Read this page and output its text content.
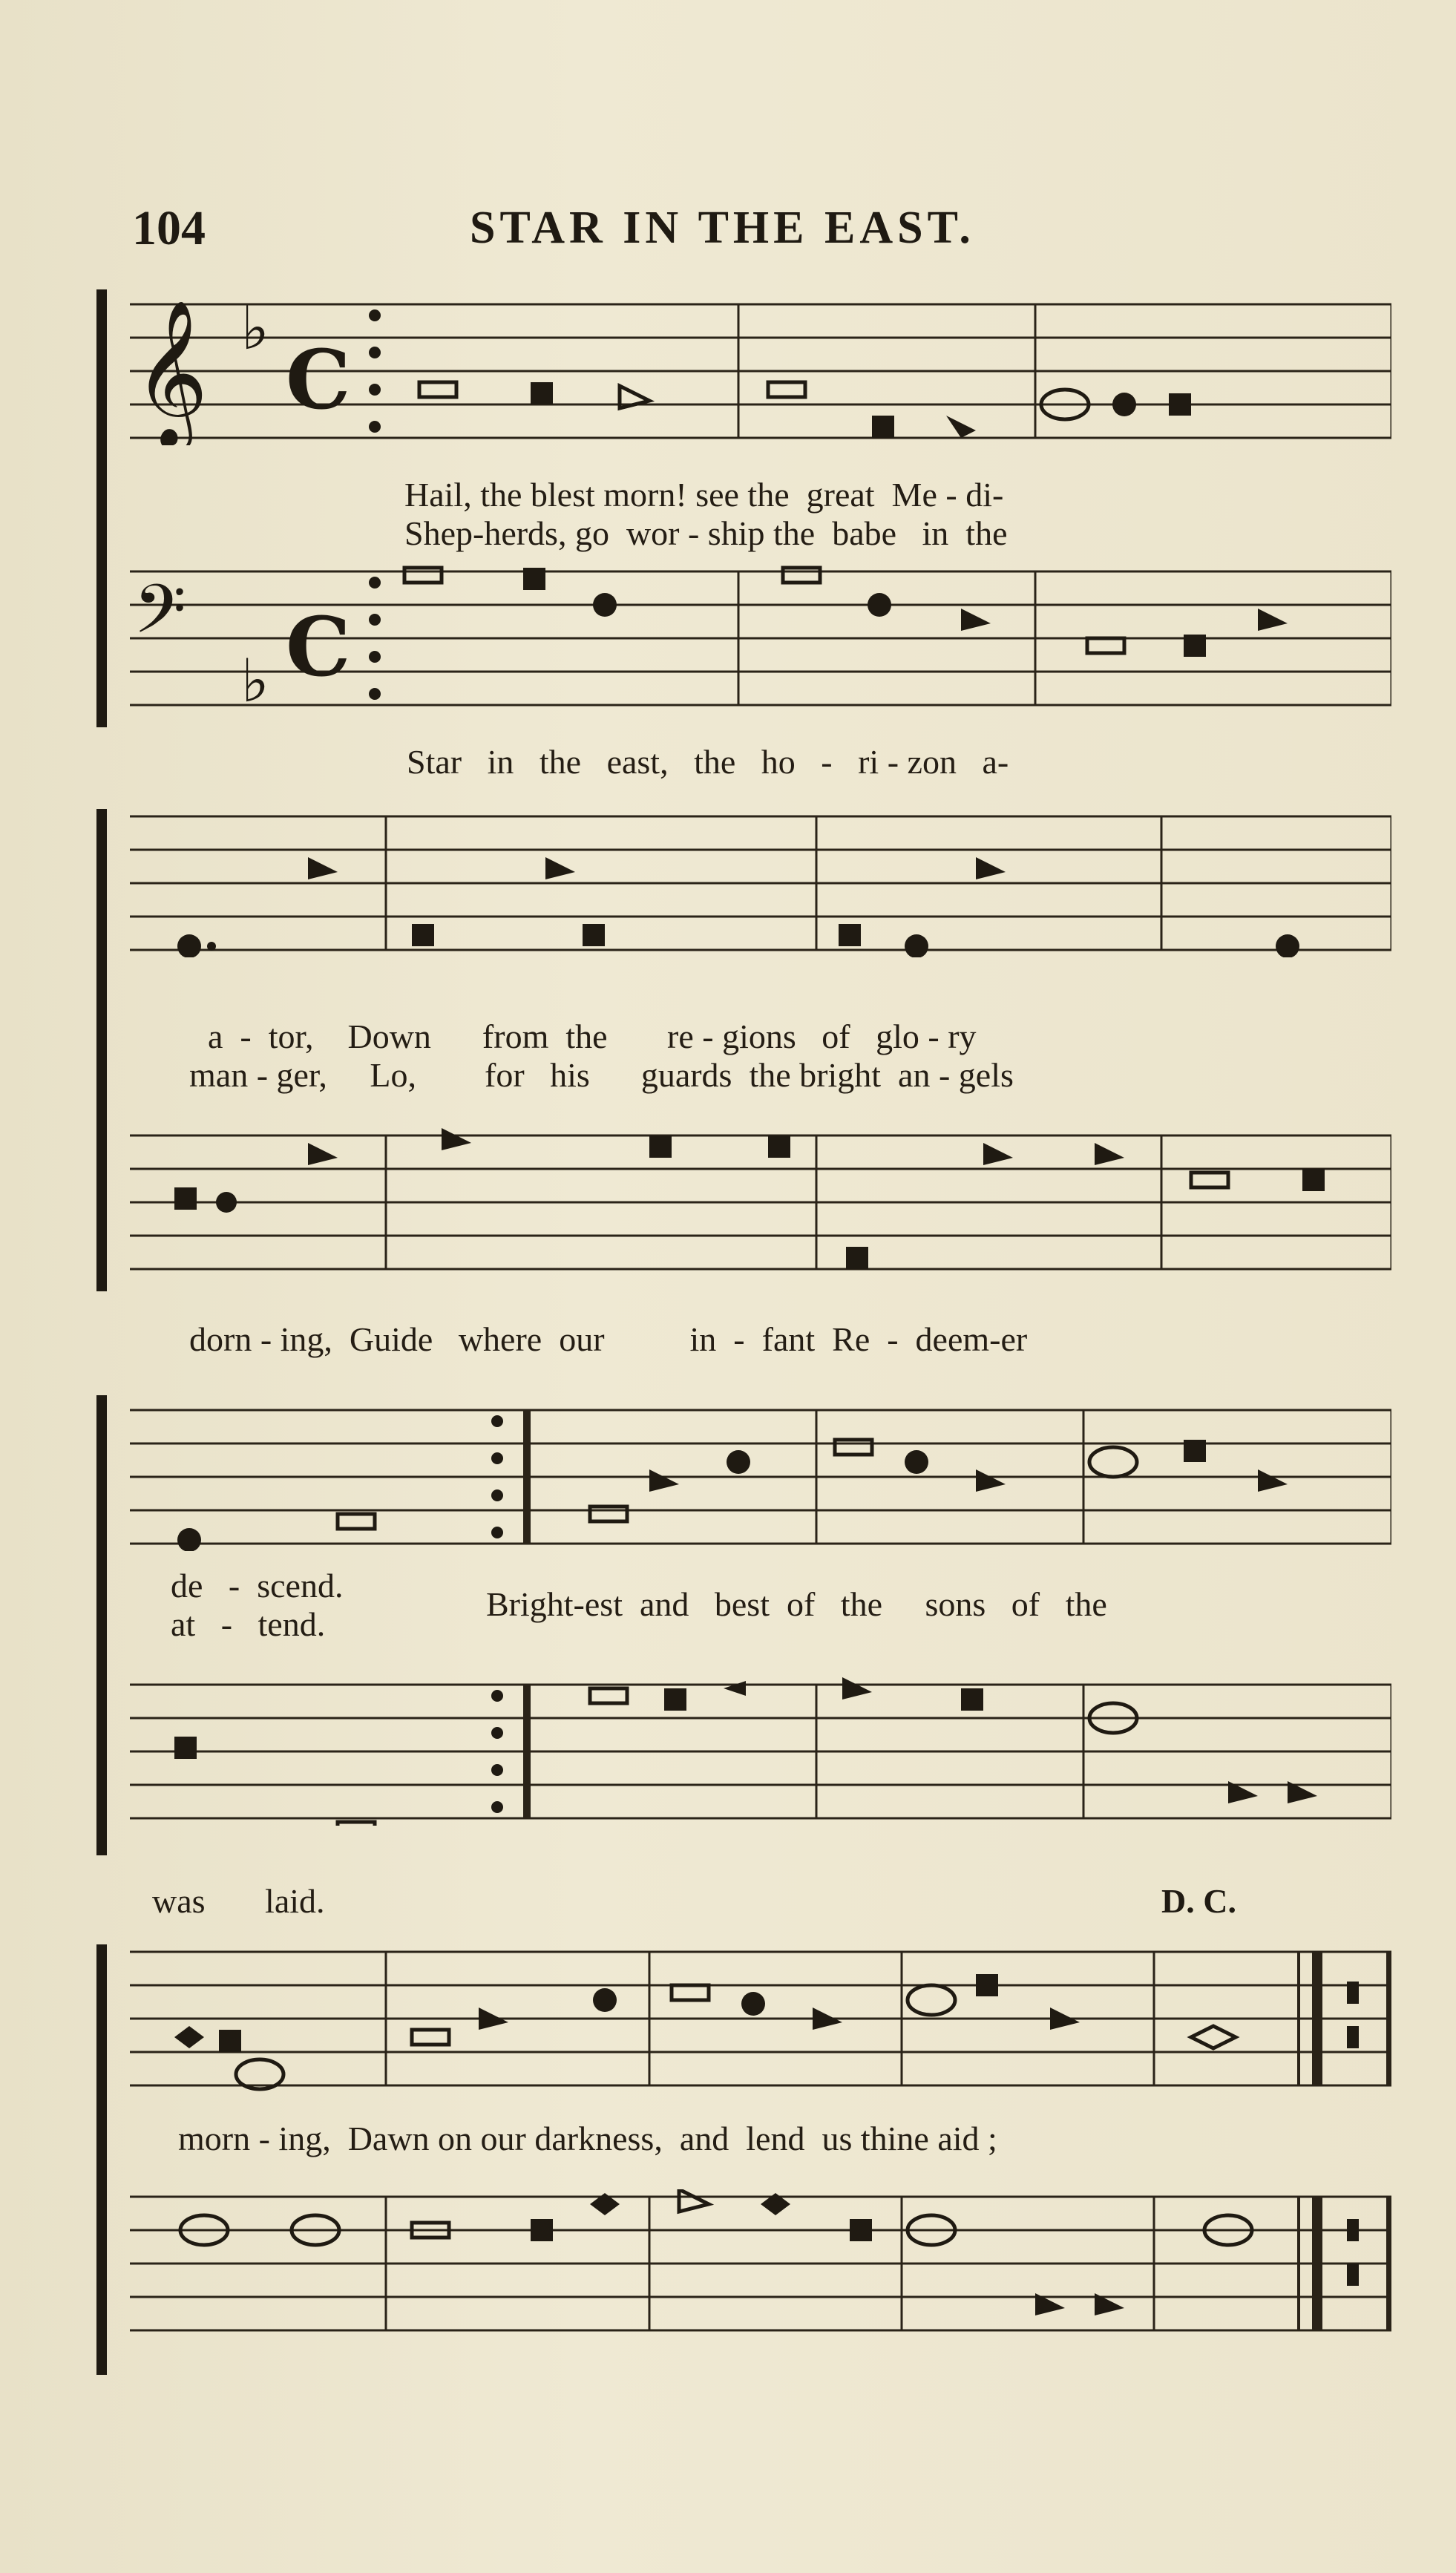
104	STAR IN THE EAST.
𝄞 ♭
C
Hail, the blest morn! see the  great  Me - di-
Shep-herds, go  wor - ship the  babe   in  the
𝄢
♭ C
Star   in   the   east,   the   ho   -   ri - zon   a-
a  -  tor,    Down      from  the       re - gions   of   glo - ry
man - ger,     Lo,        for   his      guards  the bright  an - gels
dorn - ing,  Guide   where  our          in  -  fant  Re  -  deem-er
de   -  scend.
at   -   tend.
Bright-est  and   best  of   the     sons   of   the
was       laid.	D. C.
morn - ing,  Dawn on our darkness,  and  lend  us thine aid ;
